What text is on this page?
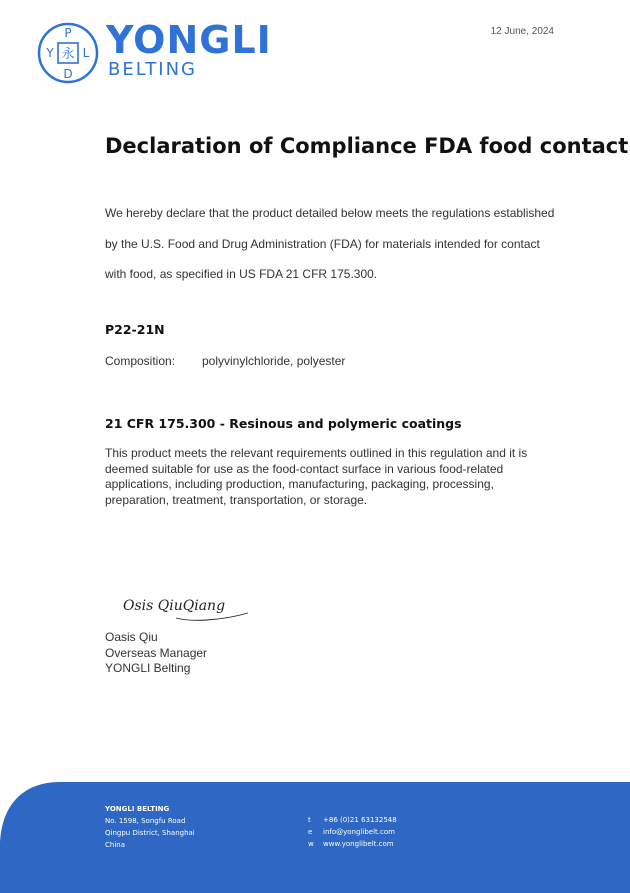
P
Y 永 L
D
YONGLI
BELTING
12 June, 2024
Declaration of Compliance FDA food contact

We hereby declare that the product detailed below meets the regulations established by the U.S. Food and Drug Administration (FDA) for materials intended for contact with food, as specified in US FDA 21 CFR 175.300.

P22-21N
Composition: polyvinylchloride, polyester
21 CFR 175.300 - Resinous and polymeric coatings

This product meets the relevant requirements outlined in this regulation and it is deemed suitable for use as the food-contact surface in various food-related applications, including production, manufacturing, packaging, processing, preparation, treatment, transportation, or storage.

Osis QiuQiang
Oasis Qiu
Overseas Manager
YONGLI Belting
YONGLI BELTING
No. 1598, Songfu Road
Qingpu District, Shanghai
China
t +86 (0)21 63132548
e info@yonglibelt.com
w www.yonglibelt.com
